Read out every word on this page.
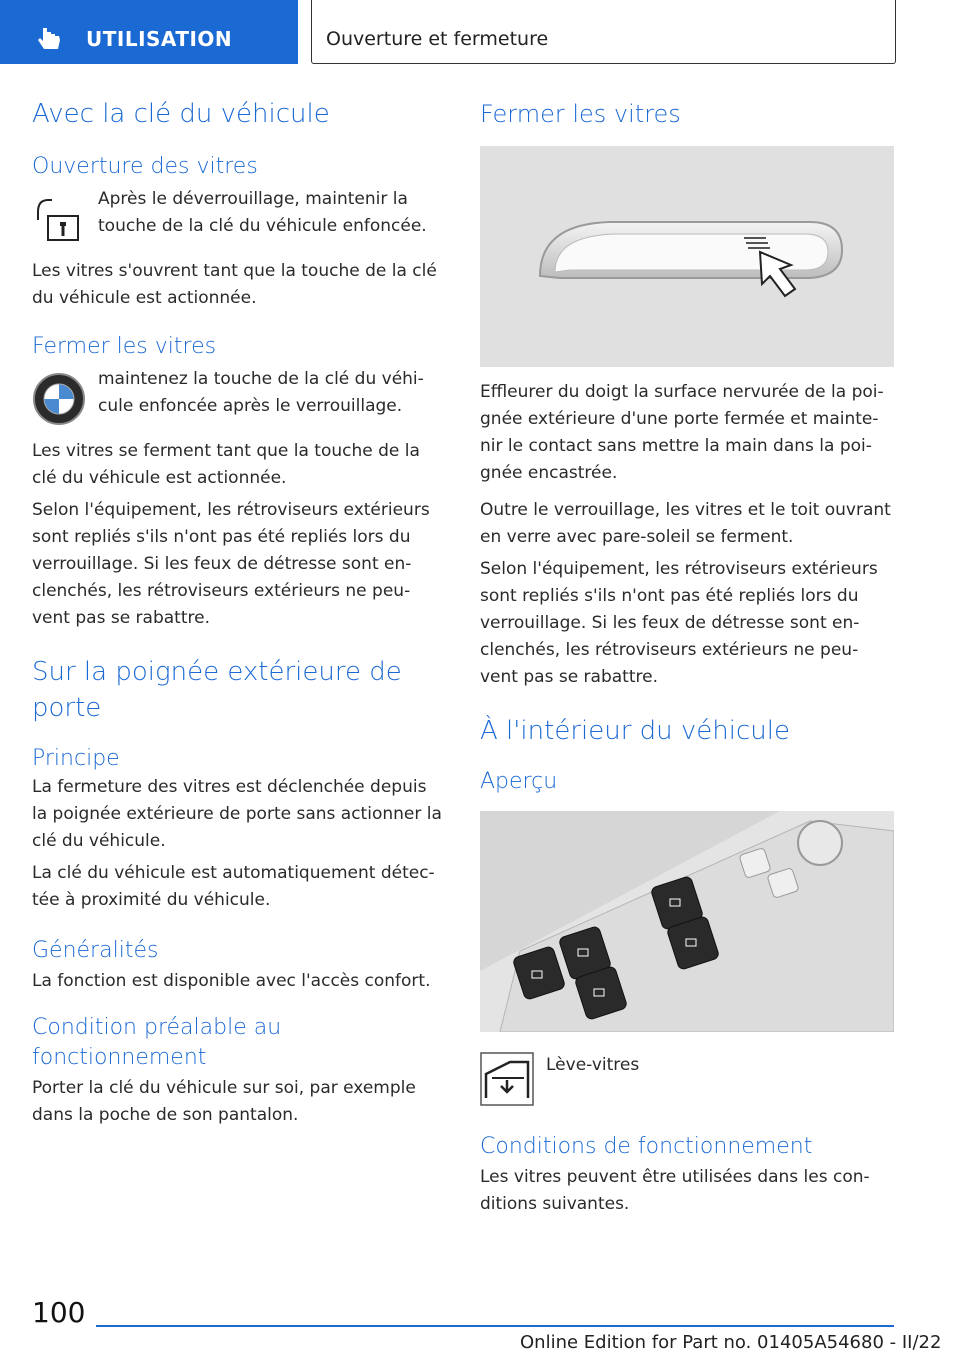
UTILISATION	Ouverture et fermeture
Avec la clé du véhicule
Ouverture des vitres

Après le déverrouillage, maintenir la touche de la clé du véhicule enfoncée.

Les vitres s'ouvrent tant que la touche de la clé du véhicule est actionnée.

Fermer les vitres

maintenez la touche de la clé du véhi-cule enfoncée après le verrouillage.

Les vitres se ferment tant que la touche de la clé du véhicule est actionnée.

Selon l'équipement, les rétroviseurs extérieurs sont repliés s'ils n'ont pas été repliés lors du verrouillage. Si les feux de détresse sont en-clenchés, les rétroviseurs extérieurs ne peu-vent pas se rabattre.

Sur la poignée extérieure de porte
Principe

La fermeture des vitres est déclenchée depuis la poignée extérieure de porte sans actionner la clé du véhicule.

La clé du véhicule est automatiquement détec-tée à proximité du véhicule.

Généralités

La fonction est disponible avec l'accès confort.

Condition préalable au fonctionnement

Porter la clé du véhicule sur soi, par exemple dans la poche de son pantalon.

Fermer les vitres

Effleurer du doigt la surface nervurée de la poi-gnée extérieure d'une porte fermée et mainte-nir le contact sans mettre la main dans la poi-gnée encastrée.

Outre le verrouillage, les vitres et le toit ouvrant en verre avec pare-soleil se ferment.

Selon l'équipement, les rétroviseurs extérieurs sont repliés s'ils n'ont pas été repliés lors du verrouillage. Si les feux de détresse sont en-clenchés, les rétroviseurs extérieurs ne peu-vent pas se rabattre.

À l'intérieur du véhicule
Aperçu

Lève-vitres

Conditions de fonctionnement

Les vitres peuvent être utilisées dans les con-ditions suivantes.

100
Online Edition for Part no. 01405A54680 - II/22
